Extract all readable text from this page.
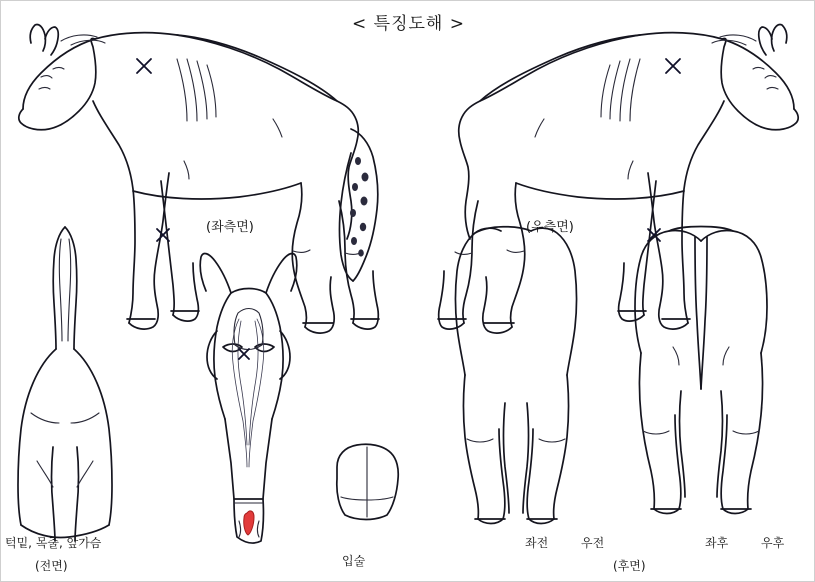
< 특징도해 >
(좌측면)	(우측면)
턱밑, 목줄, 앞가슴
(전면)	입술
좌전	우전	좌후	우후
(후면)
